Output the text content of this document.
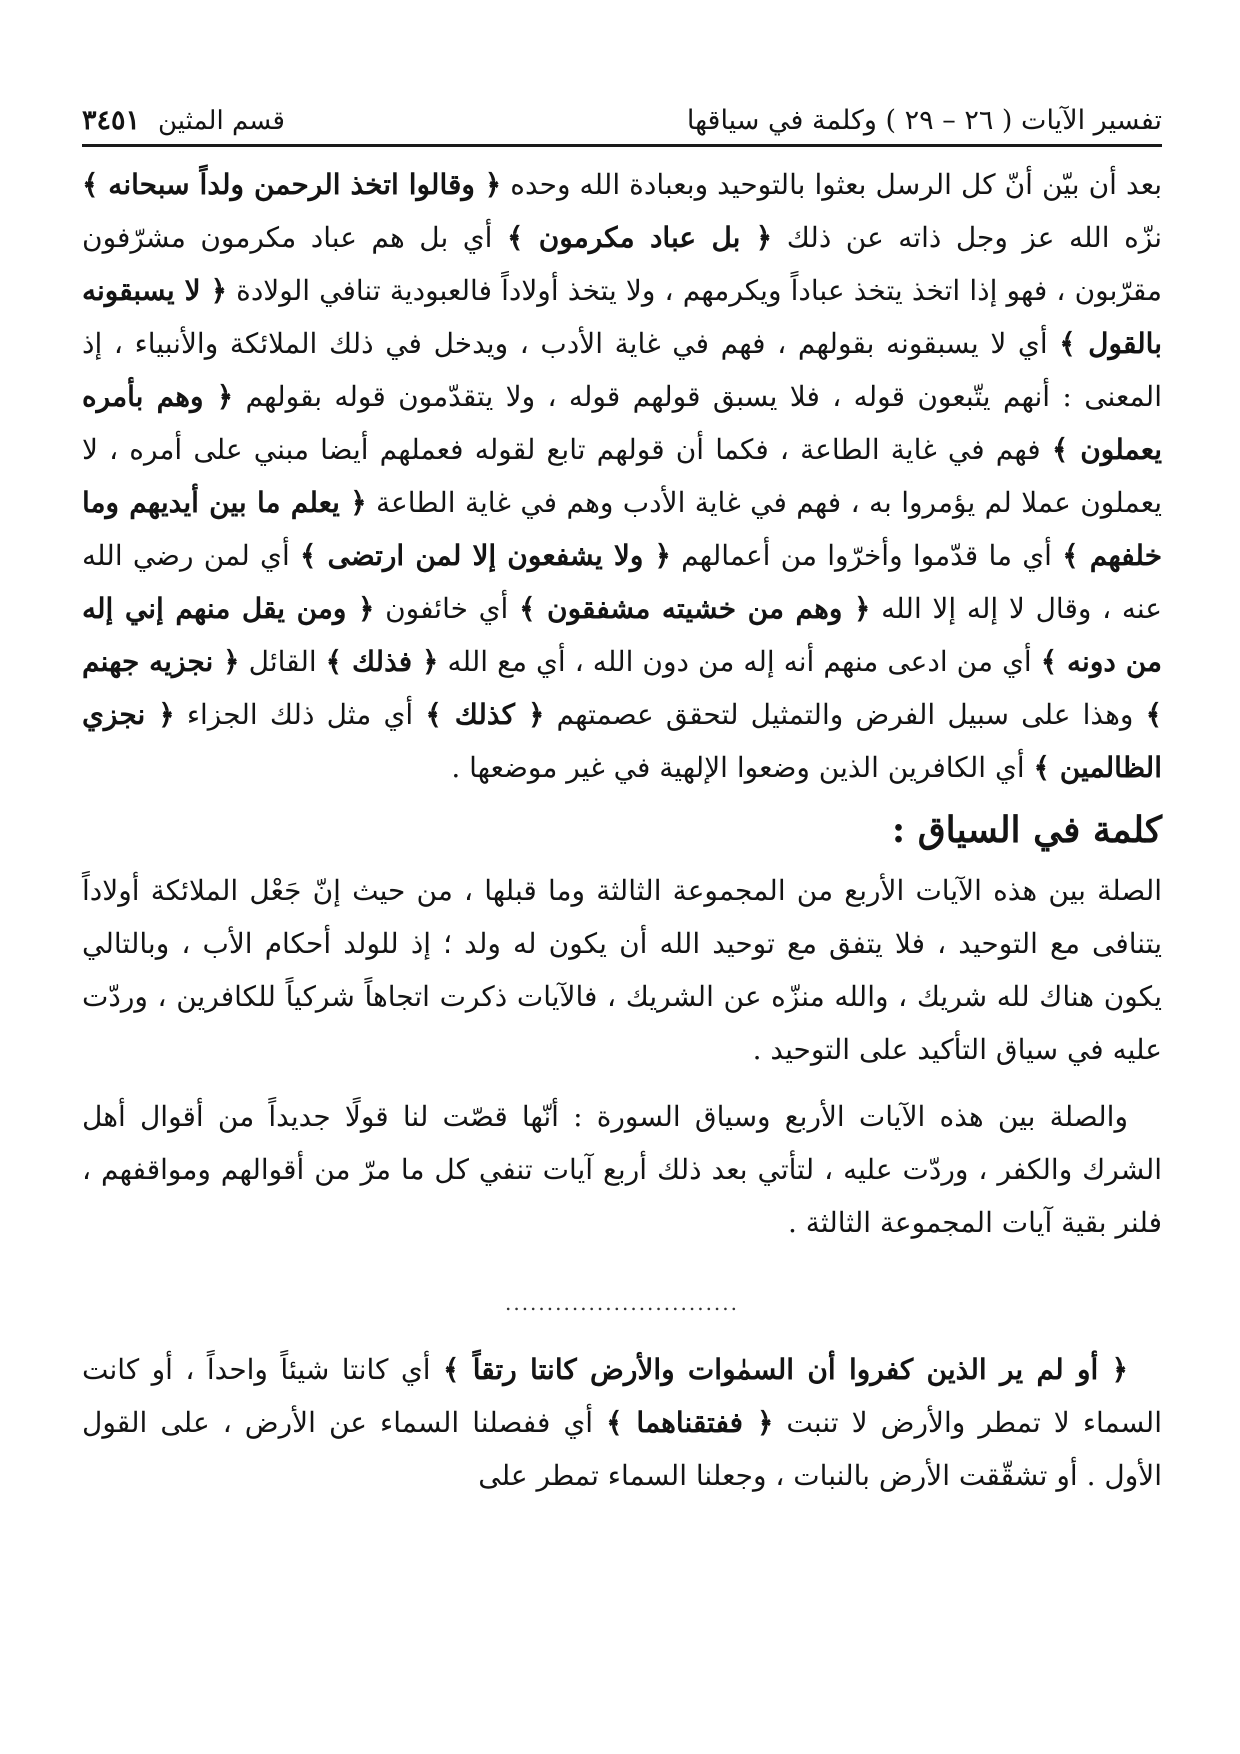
تفسير الآيات ( ٢٦ – ٢٩ ) وكلمة في سياقها
قسم المثين
٣٤٥١

بعد أن بيّن أنّ كل الرسل بعثوا بالتوحيد وبعبادة الله وحده ﴿ وقالوا اتخذ الرحمن ولداً سبحانه ﴾ نزّه الله عز وجل ذاته عن ذلك ﴿ بل عباد مكرمون ﴾ أي بل هم عباد مكرمون مشرّفون مقرّبون ، فهو إذا اتخذ يتخذ عباداً ويكرمهم ، ولا يتخذ أولاداً فالعبودية تنافي الولادة ﴿ لا يسبقونه بالقول ﴾ أي لا يسبقونه بقولهم ، فهم في غاية الأدب ، ويدخل في ذلك الملائكة والأنبياء ، إذ المعنى : أنهم يتّبعون قوله ، فلا يسبق قولهم قوله ، ولا يتقدّمون قوله بقولهم ﴿ وهم بأمره يعملون ﴾ فهم في غاية الطاعة ، فكما أن قولهم تابع لقوله فعملهم أيضا مبني على أمره ، لا يعملون عملا لم يؤمروا به ، فهم في غاية الأدب وهم في غاية الطاعة ﴿ يعلم ما بين أيديهم وما خلفهم ﴾ أي ما قدّموا وأخرّوا من أعمالهم ﴿ ولا يشفعون إلا لمن ارتضى ﴾ أي لمن رضي الله عنه ، وقال لا إله إلا الله ﴿ وهم من خشيته مشفقون ﴾ أي خائفون ﴿ ومن يقل منهم إني إله من دونه ﴾ أي من ادعى منهم أنه إله من دون الله ، أي مع الله ﴿ فذلك ﴾ القائل ﴿ نجزيه جهنم ﴾ وهذا على سبيل الفرض والتمثيل لتحقق عصمتهم ﴿ كذلك ﴾ أي مثل ذلك الجزاء ﴿ نجزي الظالمين ﴾ أي الكافرين الذين وضعوا الإلهية في غير موضعها .

كلمة في السياق :

الصلة بين هذه الآيات الأربع من المجموعة الثالثة وما قبلها ، من حيث إنّ جَعْل الملائكة أولاداً يتنافى مع التوحيد ، فلا يتفق مع توحيد الله أن يكون له ولد ؛ إذ للولد أحكام الأب ، وبالتالي يكون هناك لله شريك ، والله منزّه عن الشريك ، فالآيات ذكرت اتجاهاً شركياً للكافرين ، وردّت عليه في سياق التأكيد على التوحيد .

والصلة بين هذه الآيات الأربع وسياق السورة : أنّها قصّت لنا قولًا جديداً من أقوال أهل الشرك والكفر ، وردّت عليه ، لتأتي بعد ذلك أربع آيات تنفي كل ما مرّ من أقوالهم ومواقفهم ، فلنر بقية آيات المجموعة الثالثة .

............................

﴿ أو لم ير الذين كفروا أن السمٰوات والأرض كانتا رتقاً ﴾ أي كانتا شيئاً واحداً ، أو كانت السماء لا تمطر والأرض لا تنبت ﴿ ففتقناهما ﴾ أي ففصلنا السماء عن الأرض ، على القول الأول . أو تشقّقت الأرض بالنبات ، وجعلنا السماء تمطر على
